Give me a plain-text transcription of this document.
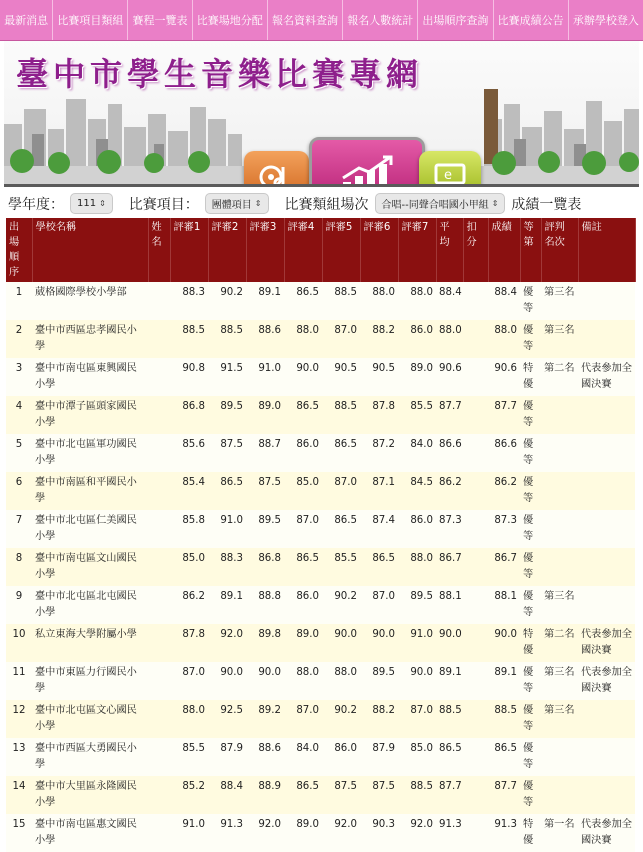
最新消息 比賽項目類組 賽程一覽表 比賽場地分配 報名資料查詢 報名人數統計 出場順序查詢 比賽成績公告 承辦學校登入
臺中市學生音樂比賽專網
e
學年度： 111 ⇕ 比賽項目： 團體項目 ⇕ 比賽類組場次 合唱--同聲合唱國小甲組 ⇕ 成績一覽表
出場順序	學校名稱	姓名	評審1	評審2	評審3	評審4	評審5	評審6	評審7	平均	扣分	成績	等第	評判名次	備註
1	葳格國際學校小學部		88.3	90.2	89.1	86.5	88.5	88.0	88.0	88.4		88.4	優等	第三名	
2	臺中市西區忠孝國民小學		88.5	88.5	88.6	88.0	87.0	88.2	86.0	88.0		88.0	優等	第三名	
3	臺中市南屯區東興國民小學		90.8	91.5	91.0	90.0	90.5	90.5	89.0	90.6		90.6	特優	第二名	代表參加全國決賽
4	臺中市潭子區頭家國民小學		86.8	89.5	89.0	86.5	88.5	87.8	85.5	87.7		87.7	優等		
5	臺中市北屯區軍功國民小學		85.6	87.5	88.7	86.0	86.5	87.2	84.0	86.6		86.6	優等		
6	臺中市南區和平國民小學		85.4	86.5	87.5	85.0	87.0	87.1	84.5	86.2		86.2	優等		
7	臺中市北屯區仁美國民小學		85.8	91.0	89.5	87.0	86.5	87.4	86.0	87.3		87.3	優等		
8	臺中市南屯區文山國民小學		85.0	88.3	86.8	86.5	85.5	86.5	88.0	86.7		86.7	優等		
9	臺中市北屯區北屯國民小學		86.2	89.1	88.8	86.0	90.2	87.0	89.5	88.1		88.1	優等	第三名	
10	私立東海大學附屬小學		87.8	92.0	89.8	89.0	90.0	90.0	91.0	90.0		90.0	特優	第二名	代表參加全國決賽
11	臺中市東區力行國民小學		87.0	90.0	90.0	88.0	88.0	89.5	90.0	89.1		89.1	優等	第三名	代表參加全國決賽
12	臺中市北屯區文心國民小學		88.0	92.5	89.2	87.0	90.2	88.2	87.0	88.5		88.5	優等	第三名	
13	臺中市西區大勇國民小學		85.5	87.9	88.6	84.0	86.0	87.9	85.0	86.5		86.5	優等		
14	臺中市大里區永隆國民小學		85.2	88.4	88.9	86.5	87.5	87.5	88.5	87.7		87.7	優等		
15	臺中市南屯區惠文國民小學		91.0	91.3	92.0	89.0	92.0	90.3	92.0	91.3		91.3	特優	第一名	代表參加全國決賽
